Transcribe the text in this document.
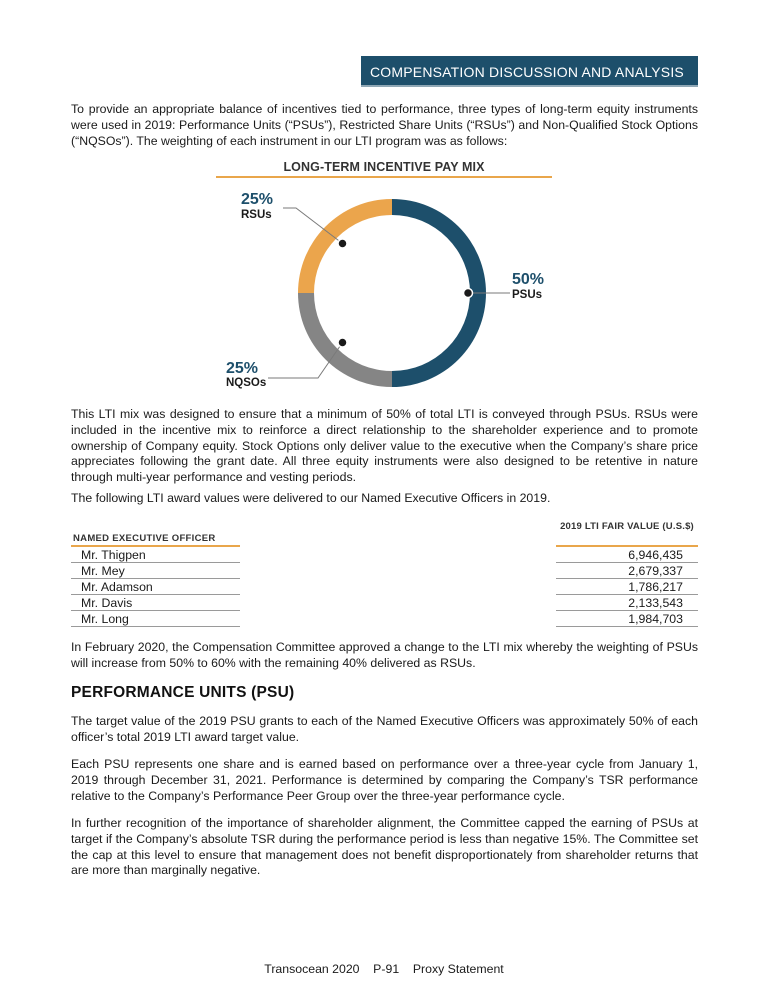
COMPENSATION DISCUSSION AND ANALYSIS

To provide an appropriate balance of incentives tied to performance, three types of long-term equity instruments were used in 2019: Performance Units (“PSUs”), Restricted Share Units (“RSUs”) and Non-Qualified Stock Options (“NQSOs”). The weighting of each instrument in our LTI program was as follows:

LONG-TERM INCENTIVE PAY MIX
50%
PSUs
25%
NQSOs
25%
RSUs

This LTI mix was designed to ensure that a minimum of 50% of total LTI is conveyed through PSUs. RSUs were included in the incentive mix to reinforce a direct relationship to the shareholder experience and to promote ownership of Company equity. Stock Options only deliver value to the executive when the Company’s share price appreciates following the grant date. All three equity instruments were also designed to be retentive in nature through multi-year performance and vesting periods.

The following LTI award values were delivered to our Named Executive Officers in 2019.

NAMED EXECUTIVE OFFICER
2019 LTI FAIR VALUE (U.S.$)
Mr. Thigpen	6,946,435
Mr. Mey	2,679,337
Mr. Adamson	1,786,217
Mr. Davis	2,133,543
Mr. Long	1,984,703

In February 2020, the Compensation Committee approved a change to the LTI mix whereby the weighting of PSUs will increase from 50% to 60% with the remaining 40% delivered as RSUs.

PERFORMANCE UNITS (PSU)

The target value of the 2019 PSU grants to each of the Named Executive Officers was approximately 50% of each officer’s total 2019 LTI award target value.

Each PSU represents one share and is earned based on performance over a three-year cycle from January 1, 2019 through December 31, 2021. Performance is determined by comparing the Company’s TSR performance relative to the Company’s Performance Peer Group over the three-year performance cycle.

In further recognition of the importance of shareholder alignment, the Committee capped the earning of PSUs at target if the Company’s absolute TSR during the performance period is less than negative 15%. The Committee set the cap at this level to ensure that management does not benefit disproportionately from shareholder returns that are more than marginally negative.

Transocean 2020    P-91    Proxy Statement
